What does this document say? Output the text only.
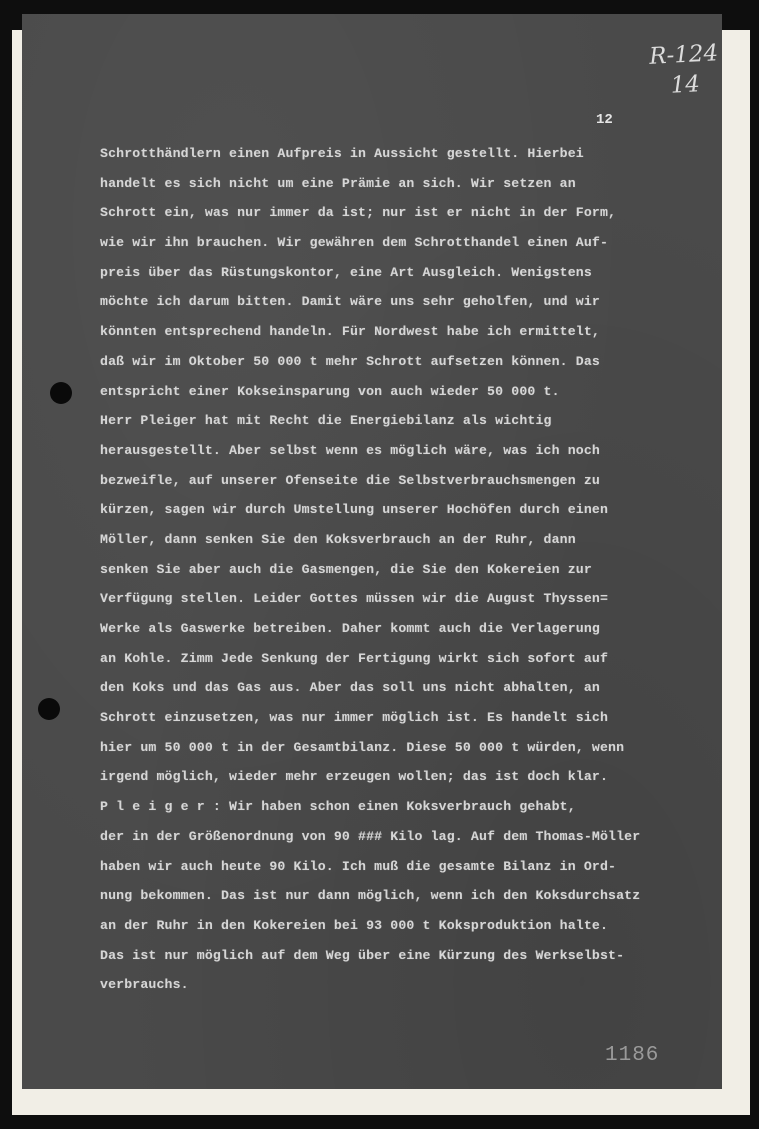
R-124
14
12
Schrotthändlern einen Aufpreis in Aussicht gestellt. Hierbei
handelt es sich nicht um eine Prämie an sich. Wir setzen an
Schrott ein, was nur immer da ist; nur ist er nicht in der Form,
wie wir ihn brauchen. Wir gewähren dem Schrotthandel einen Auf-
preis über das Rüstungskontor, eine Art Ausgleich. Wenigstens
möchte ich darum bitten. Damit wäre uns sehr geholfen, und wir
könnten entsprechend handeln. Für Nordwest habe ich ermittelt,
daß wir im Oktober 50 000 t mehr Schrott aufsetzen können. Das
entspricht einer Kokseinsparung von auch wieder 50 000 t.
Herr Pleiger hat mit Recht die Energiebilanz als wichtig
herausgestellt. Aber selbst wenn es möglich wäre, was ich noch
bezweifle, auf unserer Ofenseite die Selbstverbrauchsmengen zu
kürzen, sagen wir durch Umstellung unserer Hochöfen durch einen
Möller, dann senken Sie den Koksverbrauch an der Ruhr, dann
senken Sie aber auch die Gasmengen, die Sie den Kokereien zur
Verfügung stellen. Leider Gottes müssen wir die August Thyssen=
Werke als Gaswerke betreiben. Daher kommt auch die Verlagerung
an Kohle. Zimm Jede Senkung der Fertigung wirkt sich sofort auf
den Koks und das Gas aus. Aber das soll uns nicht abhalten, an
Schrott einzusetzen, was nur immer möglich ist. Es handelt sich
hier um 50 000 t in der Gesamtbilanz. Diese 50 000 t würden, wenn
irgend möglich, wieder mehr erzeugen wollen; das ist doch klar.
P l e i g e r : Wir haben schon einen Koksverbrauch gehabt,
der in der Größenordnung von 90 ### Kilo lag. Auf dem Thomas-Möller
haben wir auch heute 90 Kilo. Ich muß die gesamte Bilanz in Ord-
nung bekommen. Das ist nur dann möglich, wenn ich den Koksdurchsatz
an der Ruhr in den Kokereien bei 93 000 t Koksproduktion halte.
Das ist nur möglich auf dem Weg über eine Kürzung des Werkselbst-
verbrauchs.
1186
